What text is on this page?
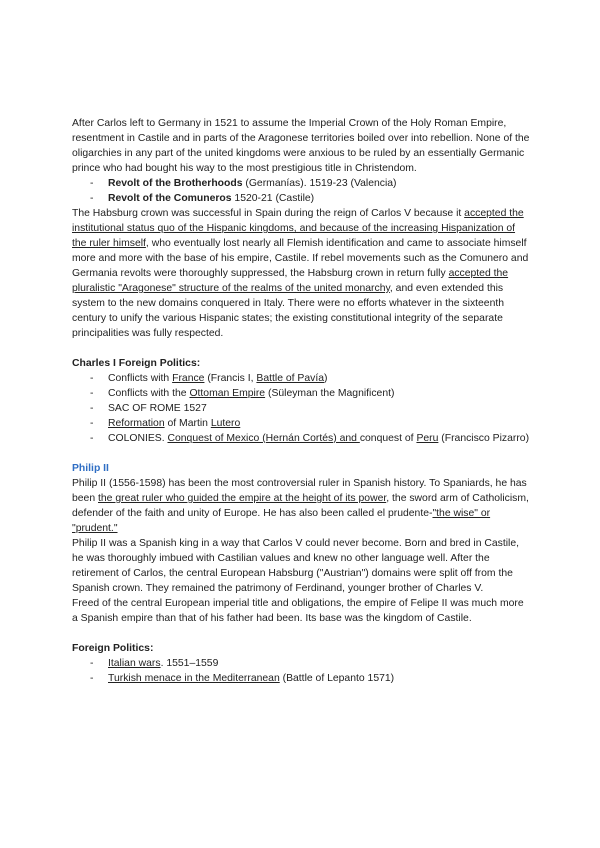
After Carlos left to Germany in 1521 to assume the Imperial Crown of the Holy Roman Empire, resentment in Castile and in parts of the Aragonese territories boiled over into rebellion. None of the oligarchies in any part of the united kingdoms were anxious to be ruled by an essentially Germanic prince who had bought his way to the most prestigious title in Christendom.

- Revolt of the Brotherhoods (Germanías). 1519-23 (Valencia)
- Revolt of the Comuneros 1520-21 (Castile)

The Habsburg crown was successful in Spain during the reign of Carlos V because it accepted the institutional status quo of the Hispanic kingdoms, and because of the increasing Hispanization of the ruler himself, who eventually lost nearly all Flemish identification and came to associate himself more and more with the base of his empire, Castile. If rebel movements such as the Comunero and Germania revolts were thoroughly suppressed, the Habsburg crown in return fully accepted the pluralistic "Aragonese" structure of the realms of the united monarchy, and even extended this system to the new domains conquered in Italy. There were no efforts whatever in the sixteenth century to unify the various Hispanic states; the existing constitutional integrity of the separate principalities was fully respected.

Charles I Foreign Politics:

- Conflicts with France (Francis I, Battle of Pavía)
- Conflicts with the Ottoman Empire (Süleyman the Magnificent)
- SAC OF ROME 1527
- Reformation of Martin Lutero
- COLONIES. Conquest of Mexico (Hernán Cortés) and conquest of Peru (Francisco Pizarro)

Philip II

Philip II (1556-1598) has been the most controversial ruler in Spanish history. To Spaniards, he has been the great ruler who guided the empire at the height of its power, the sword arm of Catholicism, defender of the faith and unity of Europe. He has also been called el prudente-"the wise" or "prudent."

Philip II was a Spanish king in a way that Carlos V could never become. Born and bred in Castile, he was thoroughly imbued with Castilian values and knew no other language well. After the retirement of Carlos, the central European Habsburg ("Austrian") domains were split off from the Spanish crown. They remained the patrimony of Ferdinand, younger brother of Charles V.

Freed of the central European imperial title and obligations, the empire of Felipe II was much more a Spanish empire than that of his father had been. Its base was the kingdom of Castile.

Foreign Politics:

- Italian wars. 1551–1559
- Turkish menace in the Mediterranean (Battle of Lepanto 1571)
